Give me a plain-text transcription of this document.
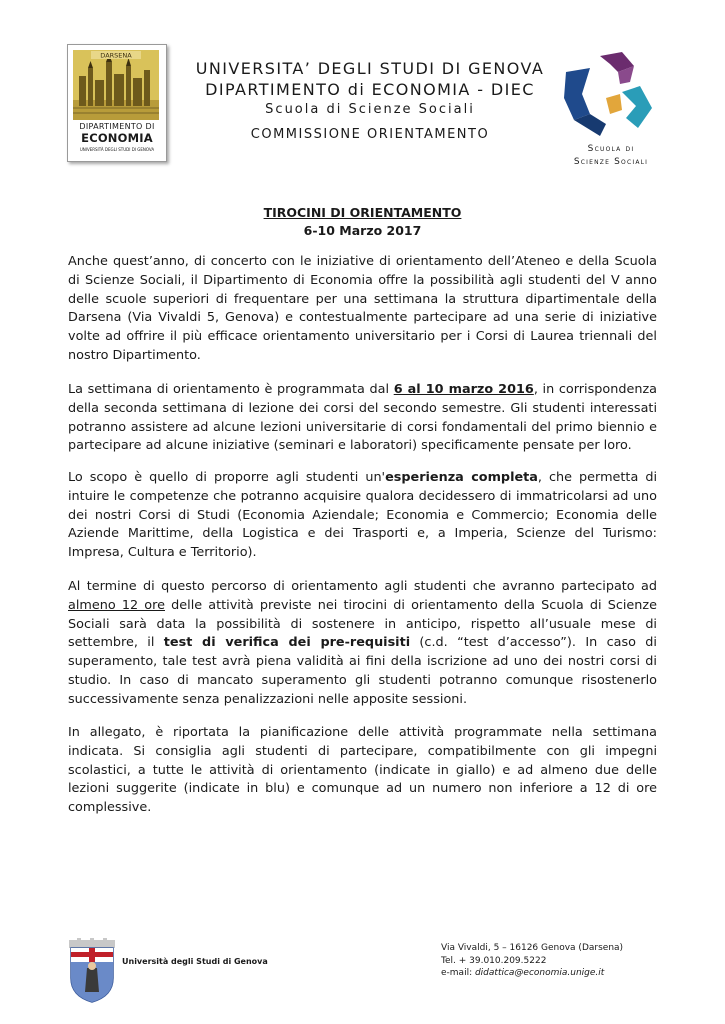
DARSENA
DIPARTIMENTO DI
ECONOMIA
UNIVERSITÀ DEGLI STUDI DI GENOVA
UNIVERSITA’ DEGLI STUDI DI GENOVA
DIPARTIMENTO di ECONOMIA - DIEC
Scuola di Scienze Sociali
COMMISSIONE ORIENTAMENTO
Scuola di
Scienze Sociali
TIROCINI DI ORIENTAMENTO
6-10 Marzo 2017
Anche quest’anno, di concerto con le iniziative di orientamento dell’Ateneo e della Scuola di Scienze Sociali, il Dipartimento di Economia offre la possibilità agli studenti del V anno delle scuole superiori di frequentare per una settimana la struttura dipartimentale della Darsena (Via Vivaldi 5, Genova) e contestualmente partecipare ad una serie di iniziative volte ad offrire il più efficace orientamento universitario per i Corsi di Laurea triennali del nostro Dipartimento.
La settimana di orientamento è programmata dal 6 al 10 marzo 2016, in corrispondenza della seconda settimana di lezione dei corsi del secondo semestre. Gli studenti interessati potranno assistere ad alcune lezioni universitarie di corsi fondamentali del primo biennio e partecipare ad alcune iniziative (seminari e laboratori) specificamente pensate per loro.
Lo scopo è quello di proporre agli studenti un'esperienza completa, che permetta di intuire le competenze che potranno acquisire qualora decidessero di immatricolarsi ad uno dei nostri Corsi di Studi (Economia Aziendale; Economia e Commercio; Economia delle Aziende Marittime, della Logistica e dei Trasporti e, a Imperia, Scienze del Turismo: Impresa, Cultura e Territorio).
Al termine di questo percorso di orientamento agli studenti che avranno partecipato ad almeno 12 ore delle attività previste nei tirocini di orientamento della Scuola di Scienze Sociali sarà data la possibilità di sostenere in anticipo, rispetto all’usuale mese di settembre, il test di verifica dei pre-requisiti (c.d. “test d’accesso”). In caso di superamento, tale test avrà piena validità ai fini della iscrizione ad uno dei nostri corsi di studio. In caso di mancato superamento gli studenti potranno comunque risostenerlo successivamente senza penalizzazioni nelle apposite sessioni.
In allegato, è riportata la pianificazione delle attività programmate nella settimana indicata. Si consiglia agli studenti di partecipare, compatibilmente con gli impegni scolastici, a tutte le attività di orientamento (indicate in giallo) e ad almeno due delle lezioni suggerite (indicate in blu) e comunque ad un numero non inferiore a 12 di ore complessive.
Università degli Studi di Genova
Via Vivaldi, 5 – 16126 Genova (Darsena)
Tel. + 39.010.209.5222
e-mail: didattica@economia.unige.it
